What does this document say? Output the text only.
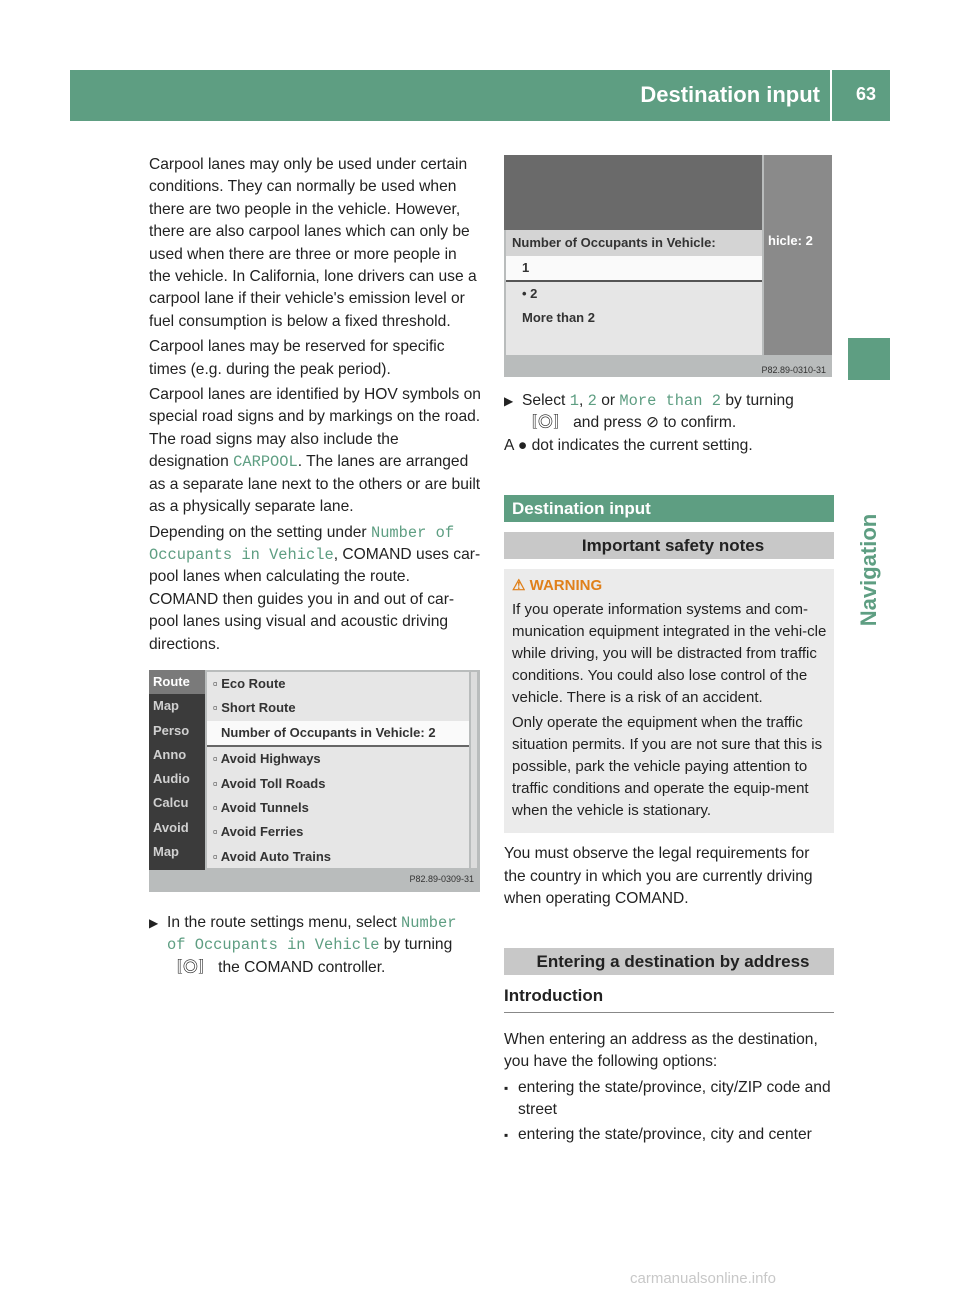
Destination input 63
Navigation

Carpool lanes may only be used under certain conditions. They can normally be used when there are two people in the vehicle. However, there are also carpool lanes which can only be used when there are three or more people in the vehicle. In California, lone drivers can use a carpool lane if their vehicle's emission level or fuel consumption is below a fixed threshold.

Carpool lanes may be reserved for specific times (e.g. during the peak period).

Carpool lanes are identified by HOV symbols on special road signs and by markings on the road. The road signs may also include the designation CARPOOL. The lanes are arranged as a separate lane next to the others or are built as a physically separate lane.

Depending on the setting under Number of Occupants in Vehicle, COMAND uses car-pool lanes when calculating the route. COMAND then guides you in and out of car-pool lanes using visual and acoustic driving directions.

Route
Map
Perso
Anno
Audio
Calcu
Avoid
Map
▫ Eco Route
▫ Short Route
Number of Occupants in Vehicle: 2
▫ Avoid Highways
▫ Avoid Toll Roads
▫ Avoid Tunnels
▫ Avoid Ferries
▫ Avoid Auto Trains
P82.89-0309-31
▶ In the route settings menu, select Number of Occupants in Vehicle by turning 〚◎〛 the COMAND controller.
Number of Occupants in Vehicle:
1
• 2
More than 2
hicle: 2
P82.89-0310-31
▶ Select 1, 2 or More than 2 by turning
〚◎〛 and press ⊘ to confirm.

A ● dot indicates the current setting.

Destination input
Important safety notes
⚠ WARNING

If you operate information systems and com-munication equipment integrated in the vehi-cle while driving, you will be distracted from traffic conditions. You could also lose control of the vehicle. There is a risk of an accident.

Only operate the equipment when the traffic situation permits. If you are not sure that this is possible, park the vehicle paying attention to traffic conditions and operate the equip-ment when the vehicle is stationary.

You must observe the legal requirements for the country in which you are currently driving when operating COMAND.

Entering a destination by address
Introduction

When entering an address as the destination, you have the following options:

▪ entering the state/province, city/ZIP code and street
▪ entering the state/province, city and center
carmanualsonline.info
